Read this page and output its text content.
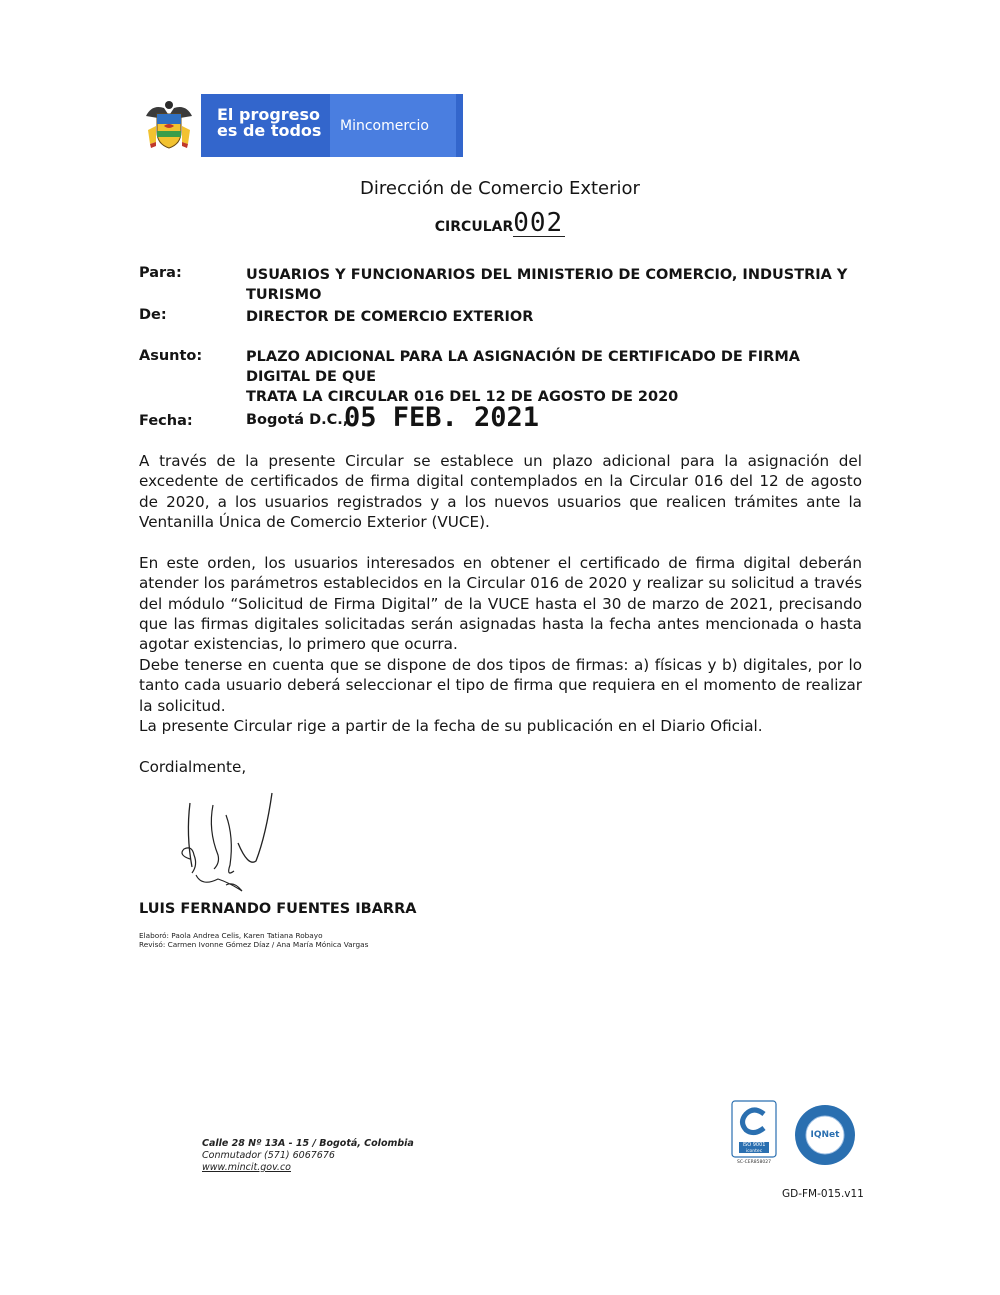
El progreso
es de todos Mincomercio
Dirección de Comercio Exterior
CIRCULAR002
Para:	USUARIOS Y FUNCIONARIOS DEL MINISTERIO DE COMERCIO, INDUSTRIA Y TURISMO
De:	DIRECTOR DE COMERCIO EXTERIOR
Asunto:	PLAZO ADICIONAL PARA LA ASIGNACIÓN DE CERTIFICADO DE FIRMA DIGITAL DE QUE
TRATA LA CIRCULAR 016 DEL 12 DE AGOSTO DE 2020
Fecha:	Bogotá D.C.,
05 FEB. 2021
A través de la presente Circular se establece un plazo adicional para la asignación del excedente de certificados de firma digital contemplados en la Circular 016 del 12 de agosto de 2020, a los usuarios registrados y a los nuevos usuarios que realicen trámites ante la Ventanilla Única de Comercio Exterior (VUCE).
En este orden, los usuarios interesados en obtener el certificado de firma digital deberán atender los parámetros establecidos en la Circular 016 de 2020 y realizar su solicitud a través del módulo “Solicitud de Firma Digital” de la VUCE hasta el 30 de marzo de 2021, precisando que las firmas digitales solicitadas serán asignadas hasta la fecha antes mencionada o hasta agotar existencias, lo primero que ocurra.
Debe tenerse en cuenta que se dispone de dos tipos de firmas: a) físicas y b) digitales, por lo tanto cada usuario deberá seleccionar el tipo de firma que requiera en el momento de realizar la solicitud.
La presente Circular rige a partir de la fecha de su publicación en el Diario Oficial.
Cordialmente,
LUIS FERNANDO FUENTES IBARRA
Elaboró: Paola Andrea Celis, Karen Tatiana Robayo
Revisó: Carmen Ivonne Gómez Díaz / Ana María Mónica Vargas
Calle 28 Nº 13A - 15 / Bogotá, Colombia
Conmutador (571) 6067676
www.mincit.gov.co
ISO 9001
icontec
SC-CER858027
IQNet
GD-FM-015.v11
